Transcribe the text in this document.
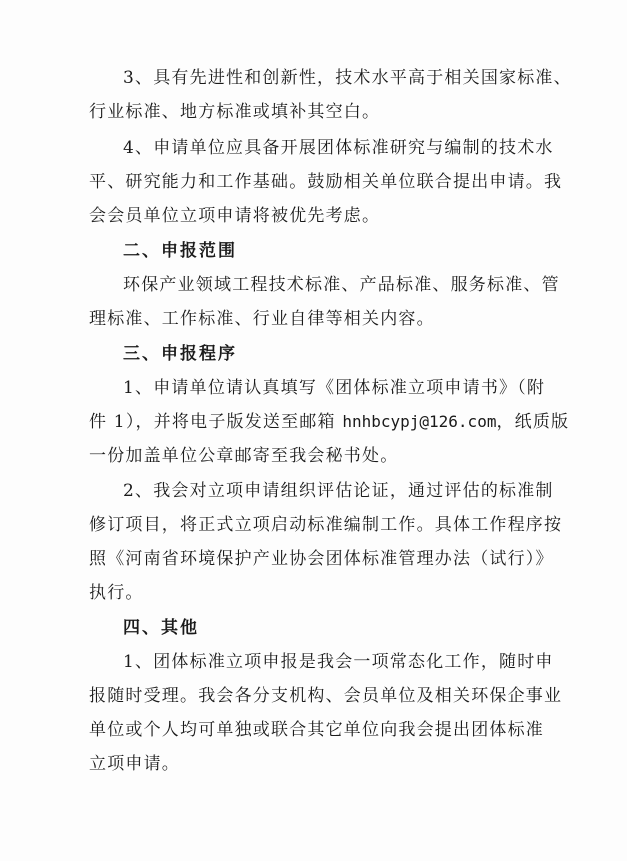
3、具有先进性和创新性，技术水平高于相关国家标准、
行业标准、地方标准或填补其空白。
4、申请单位应具备开展团体标准研究与编制的技术水
平、研究能力和工作基础。鼓励相关单位联合提出申请。我
会会员单位立项申请将被优先考虑。
二、申报范围
环保产业领域工程技术标准、产品标准、服务标准、管
理标准、工作标准、行业自律等相关内容。
三、申报程序
1、申请单位请认真填写《团体标准立项申请书》（附
件 1），并将电子版发送至邮箱 hnhbcypj@126.com，纸质版
一份加盖单位公章邮寄至我会秘书处。
2、我会对立项申请组织评估论证，通过评估的标准制
修订项目，将正式立项启动标准编制工作。具体工作程序按
照《河南省环境保护产业协会团体标准管理办法（试行）》
执行。
四、其他
1、团体标准立项申报是我会一项常态化工作，随时申
报随时受理。我会各分支机构、会员单位及相关环保企事业
单位或个人均可单独或联合其它单位向我会提出团体标准
立项申请。
